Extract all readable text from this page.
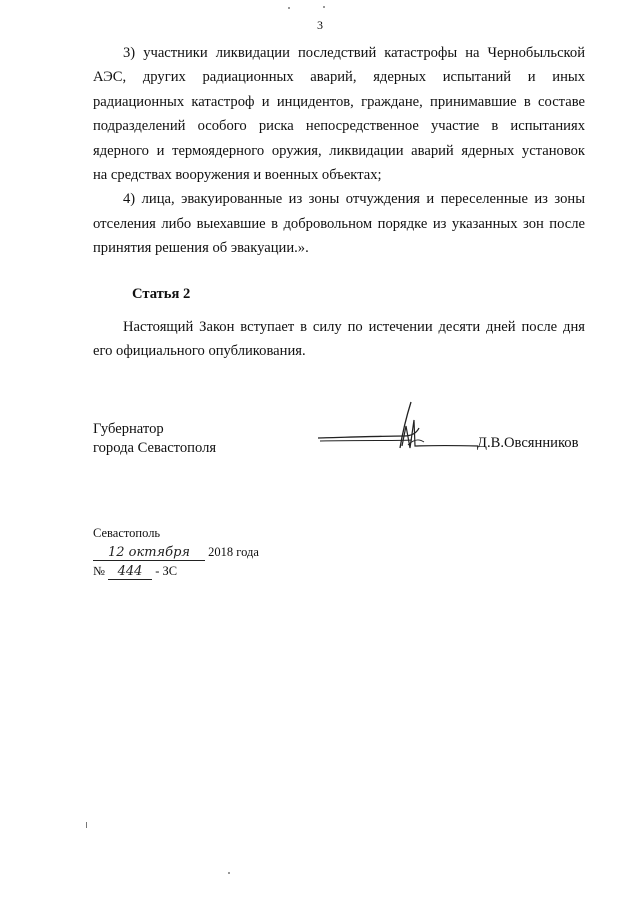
3

3) участники ликвидации последствий катастрофы на Чернобыльской
АЭС, других радиационных аварий, ядерных испытаний и иных
радиационных катастроф и инцидентов, граждане, принимавшие в составе
подразделений особого риска непосредственное участие в испытаниях
ядерного и термоядерного оружия, ликвидации аварий ядерных установок
на средствах вооружения и военных объектах;

4) лица, эвакуированные из зоны отчуждения и переселенные из зоны
отселения либо выехавшие в добровольном порядке из указанных зон после
принятия решения об эвакуации.».

Статья 2

Настоящий Закон вступает в силу по истечении десяти дней после дня
его официального опубликования.

Губернатор
города Севастополя	Д.В.Овсянников
Севастополь
12 октября 2018 года
№ 444 - ЗС
